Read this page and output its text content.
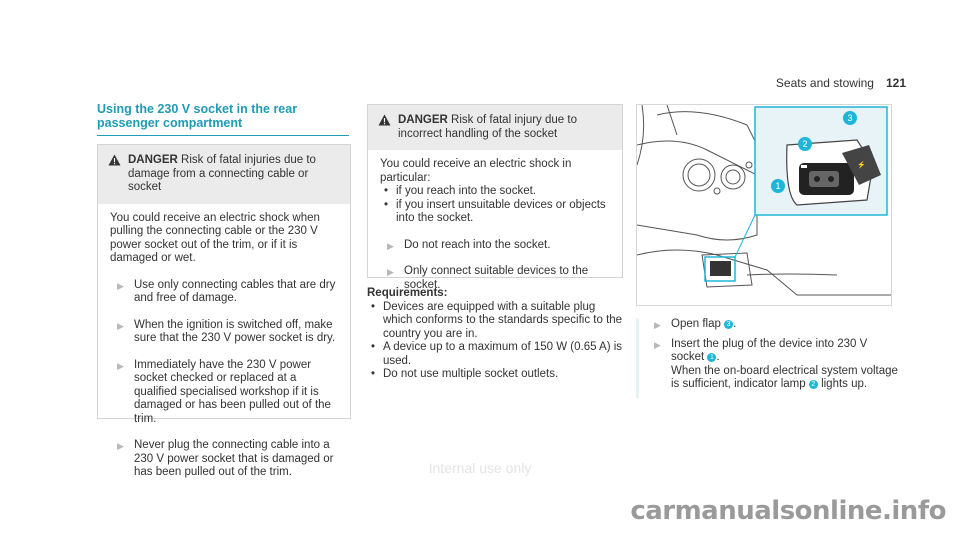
Seats and stowing 121
Using the 230 V socket in the rear passenger compartment
DANGER Risk of fatal injuries due to damage from a connecting cable or socket
You could receive an electric shock when pulling the connecting cable or the 230 V power socket out of the trim, or if it is damaged or wet.
▶ Use only connecting cables that are dry and free of damage.
▶ When the ignition is switched off, make sure that the 230 V power socket is dry.
▶ Immediately have the 230 V power socket checked or replaced at a qualified specialised workshop if it is damaged or has been pulled out of the trim.
▶ Never plug the connecting cable into a 230 V power socket that is damaged or has been pulled out of the trim.
DANGER Risk of fatal injury due to incorrect handling of the socket
You could receive an electric shock in particular:
• if you reach into the socket.
• if you insert unsuitable devices or objects into the socket.
▶ Do not reach into the socket.
▶ Only connect suitable devices to the socket.
Requirements:
• Devices are equipped with a suitable plug which conforms to the standards specific to the country you are in.
• A device up to a maximum of 150 W (0.65 A) is used.
• Do not use multiple socket outlets.
⚡
1
2
3
▶ Open flap 3 .
▶ Insert the plug of the device into 230 V socket 1 .
When the on-board electrical system voltage is sufficient, indicator lamp 2 lights up.
Internal use only
carmanualsonline.info
